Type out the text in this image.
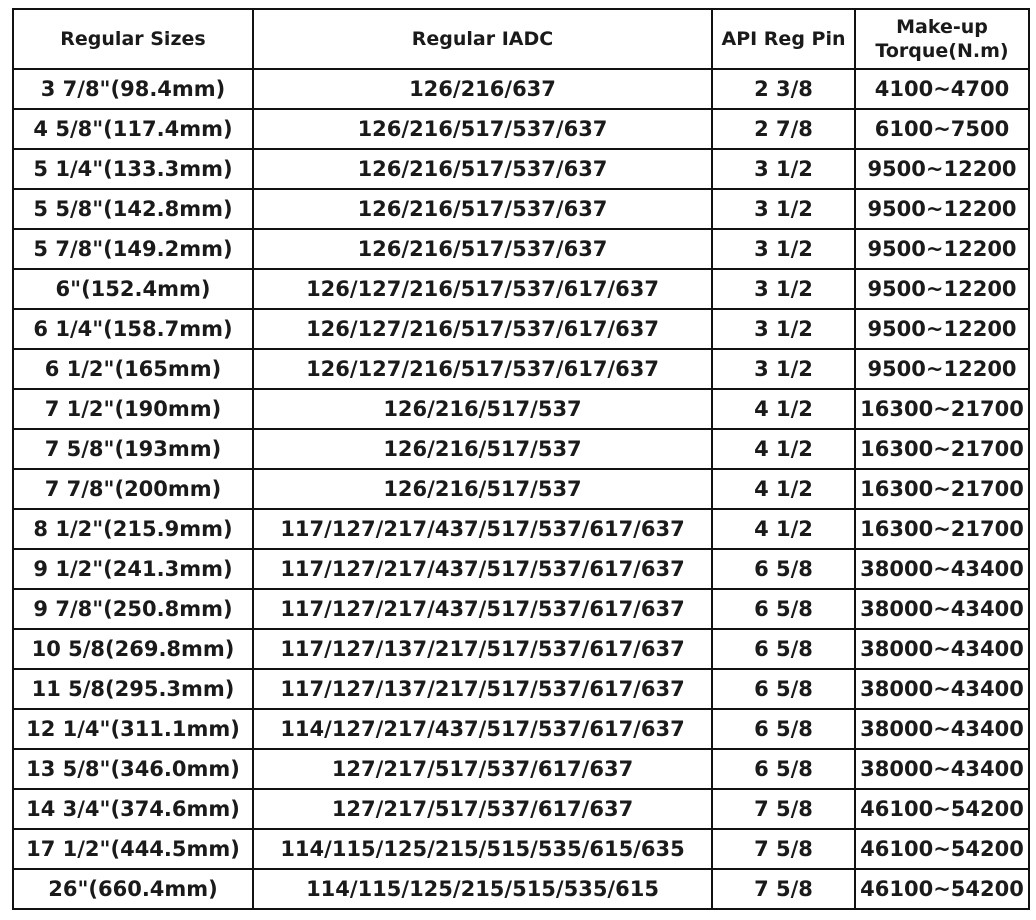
Regular Sizes	Regular IADC	API Reg Pin	Make-up Torque(N.m)
3 7/8"(98.4mm)	126/216/637	2 3/8	4100~4700
4 5/8"(117.4mm)	126/216/517/537/637	2 7/8	6100~7500
5 1/4"(133.3mm)	126/216/517/537/637	3 1/2	9500~12200
5 5/8"(142.8mm)	126/216/517/537/637	3 1/2	9500~12200
5 7/8"(149.2mm)	126/216/517/537/637	3 1/2	9500~12200
6"(152.4mm)	126/127/216/517/537/617/637	3 1/2	9500~12200
6 1/4"(158.7mm)	126/127/216/517/537/617/637	3 1/2	9500~12200
6 1/2"(165mm)	126/127/216/517/537/617/637	3 1/2	9500~12200
7 1/2"(190mm)	126/216/517/537	4 1/2	16300~21700
7 5/8"(193mm)	126/216/517/537	4 1/2	16300~21700
7 7/8"(200mm)	126/216/517/537	4 1/2	16300~21700
8 1/2"(215.9mm)	117/127/217/437/517/537/617/637	4 1/2	16300~21700
9 1/2"(241.3mm)	117/127/217/437/517/537/617/637	6 5/8	38000~43400
9 7/8"(250.8mm)	117/127/217/437/517/537/617/637	6 5/8	38000~43400
10 5/8(269.8mm)	117/127/137/217/517/537/617/637	6 5/8	38000~43400
11 5/8(295.3mm)	117/127/137/217/517/537/617/637	6 5/8	38000~43400
12 1/4"(311.1mm)	114/127/217/437/517/537/617/637	6 5/8	38000~43400
13 5/8"(346.0mm)	127/217/517/537/617/637	6 5/8	38000~43400
14 3/4"(374.6mm)	127/217/517/537/617/637	7 5/8	46100~54200
17 1/2"(444.5mm)	114/115/125/215/515/535/615/635	7 5/8	46100~54200
26"(660.4mm)	114/115/125/215/515/535/615	7 5/8	46100~54200
